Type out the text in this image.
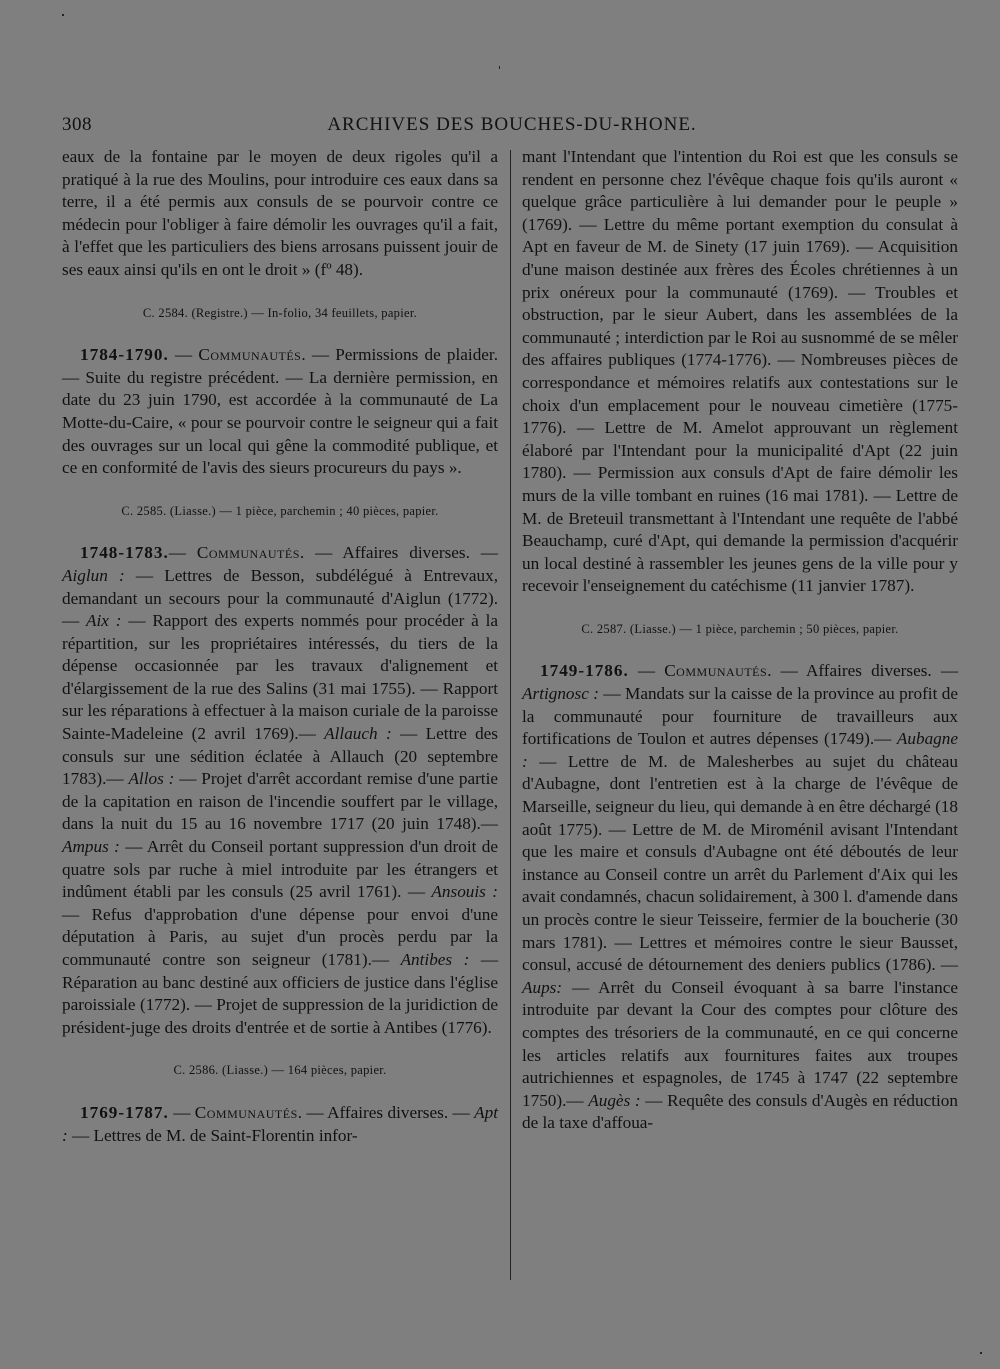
308	ARCHIVES DES BOUCHES-DU-RHONE.

eaux de la fontaine par le moyen de deux rigoles qu'il a pratiqué à la rue des Moulins, pour introduire ces eaux dans sa terre, il a été permis aux consuls de se pourvoir contre ce médecin pour l'obliger à faire démolir les ouvrages qu'il a fait, à l'effet que les particuliers des biens arrosans puissent jouir de ses eaux ainsi qu'ils en ont le droit » (fº 48).

C. 2584. (Registre.) — In-folio, 34 feuillets, papier.

1784-1790. — Communautés. — Permissions de plaider. — Suite du registre précédent. — La dernière permission, en date du 23 juin 1790, est accordée à la communauté de La Motte-du-Caire, « pour se pourvoir contre le seigneur qui a fait des ouvrages sur un local qui gêne la commodité publique, et ce en conformité de l'avis des sieurs procureurs du pays ».

C. 2585. (Liasse.) — 1 pièce, parchemin ; 40 pièces, papier.

1748-1783.— Communautés. — Affaires diverses. — Aiglun : — Lettres de Besson, subdélégué à Entrevaux, demandant un secours pour la communauté d'Aiglun (1772). — Aix : — Rapport des experts nommés pour procéder à la répartition, sur les propriétaires intéressés, du tiers de la dépense occasionnée par les travaux d'alignement et d'élargissement de la rue des Salins (31 mai 1755). — Rapport sur les réparations à effectuer à la maison curiale de la paroisse Sainte-Madeleine (2 avril 1769).— Allauch : — Lettre des consuls sur une sédition éclatée à Allauch (20 septembre 1783).— Allos : — Projet d'arrêt accordant remise d'une partie de la capitation en raison de l'incendie souffert par le village, dans la nuit du 15 au 16 novembre 1717 (20 juin 1748).— Ampus : — Arrêt du Conseil portant suppression d'un droit de quatre sols par ruche à miel introduite par les étrangers et indûment établi par les consuls (25 avril 1761). — Ansouis : — Refus d'approbation d'une dépense pour envoi d'une députation à Paris, au sujet d'un procès perdu par la communauté contre son seigneur (1781).— Antibes : — Réparation au banc destiné aux officiers de justice dans l'église paroissiale (1772). — Projet de suppression de la juridiction de président-juge des droits d'entrée et de sortie à Antibes (1776).

C. 2586. (Liasse.) — 164 pièces, papier.

1769-1787. — Communautés. — Affaires diverses. — Apt : — Lettres de M. de Saint-Florentin infor-

mant l'Intendant que l'intention du Roi est que les consuls se rendent en personne chez l'évêque chaque fois qu'ils auront « quelque grâce particulière à lui demander pour le peuple » (1769). — Lettre du même portant exemption du consulat à Apt en faveur de M. de Sinety (17 juin 1769). — Acquisition d'une maison destinée aux frères des Écoles chrétiennes à un prix onéreux pour la communauté (1769). — Troubles et obstruction, par le sieur Aubert, dans les assemblées de la communauté ; interdiction par le Roi au susnommé de se mêler des affaires publiques (1774-1776). — Nombreuses pièces de correspondance et mémoires relatifs aux contestations sur le choix d'un emplacement pour le nouveau cimetière (1775-1776). — Lettre de M. Amelot approuvant un règlement élaboré par l'Intendant pour la municipalité d'Apt (22 juin 1780). — Permission aux consuls d'Apt de faire démolir les murs de la ville tombant en ruines (16 mai 1781). — Lettre de M. de Breteuil transmettant à l'Intendant une requête de l'abbé Beauchamp, curé d'Apt, qui demande la permission d'acquérir un local destiné à rassembler les jeunes gens de la ville pour y recevoir l'enseignement du catéchisme (11 janvier 1787).

C. 2587. (Liasse.) — 1 pièce, parchemin ; 50 pièces, papier.

1749-1786. — Communautés. — Affaires diverses. — Artignosc : — Mandats sur la caisse de la province au profit de la communauté pour fourniture de travailleurs aux fortifications de Toulon et autres dépenses (1749).— Aubagne : — Lettre de M. de Malesherbes au sujet du château d'Aubagne, dont l'entretien est à la charge de l'évêque de Marseille, seigneur du lieu, qui demande à en être déchargé (18 août 1775). — Lettre de M. de Miroménil avisant l'Intendant que les maire et consuls d'Aubagne ont été déboutés de leur instance au Conseil contre un arrêt du Parlement d'Aix qui les avait condamnés, chacun solidairement, à 300 l. d'amende dans un procès contre le sieur Teisseire, fermier de la boucherie (30 mars 1781). — Lettres et mémoires contre le sieur Bausset, consul, accusé de détournement des deniers publics (1786). — Aups: — Arrêt du Conseil évoquant à sa barre l'instance introduite par devant la Cour des comptes pour clôture des comptes des trésoriers de la communauté, en ce qui concerne les articles relatifs aux fournitures faites aux troupes autrichiennes et espagnoles, de 1745 à 1747 (22 septembre 1750).— Augès : — Requête des consuls d'Augès en réduction de la taxe d'affoua-
